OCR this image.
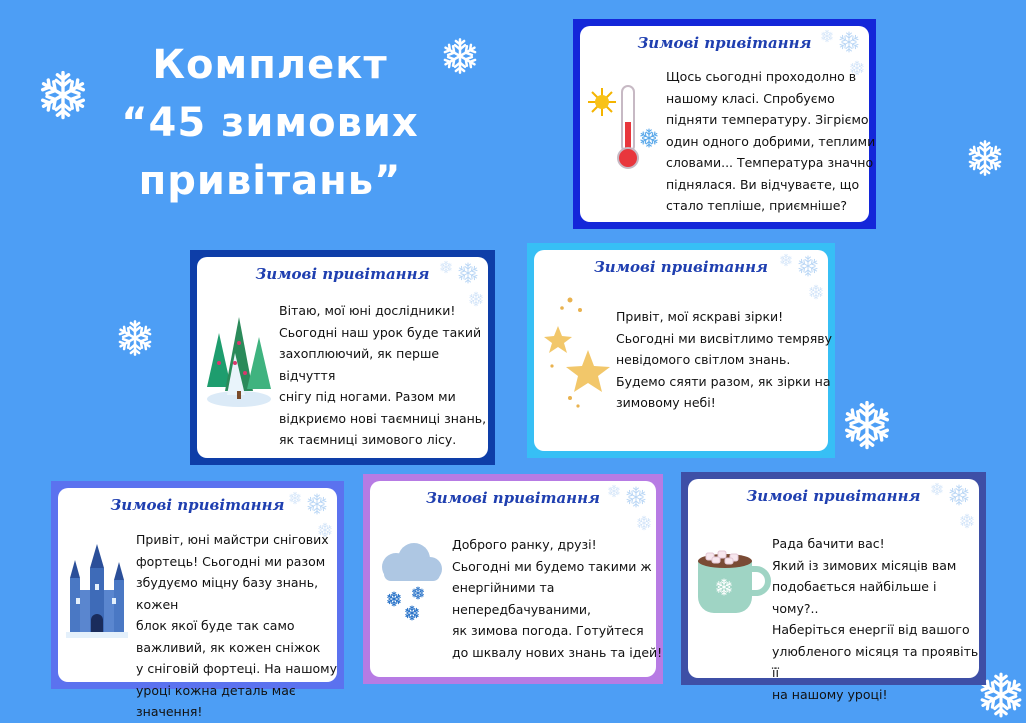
Комплект
“45 зимових
привітань”
Зимові привітання
Щось сьогодні проходолно в
нашому класі. Спробуємо
підняти температуру. Зігріємо
один одного добрими, теплими
словами... Температура значно
піднялася. Ви відчуваєте, що
стало тепліше, приємніше?
Зимові привітання
Вітаю, мої юні дослідники!
Сьогодні наш урок буде такий
захоплюючий, як перше відчуття
снігу під ногами. Разом ми
відкриємо нові таємниці знань,
як таємниці зимового лісу.
Зимові привітання
Привіт, мої яскраві зірки!
Сьогодні ми висвітлимо темряву
невідомого світлом знань.
Будемо сяяти разом, як зірки на
зимовому небі!
Зимові привітання
Привіт, юні майстри снігових
фортець! Сьогодні ми разом
збудуємо міцну базу знань, кожен
блок якої буде так само
важливий, як кожен сніжок
у сніговій фортеці. На нашому
уроці кожна деталь має значення!
Зимові привітання
Доброго ранку, друзі!
Сьогодні ми будемо такими ж
енергійними та
непередбачуваними,
як зимова погода. Готуйтеся
до шквалу нових знань та ідей!
Зимові привітання
Рада бачити вас!
Який із зимових місяців вам
подобається найбільше і чому?..
Наберіться енергії від вашого
улюбленого місяця та проявіть її
на нашому уроці!
